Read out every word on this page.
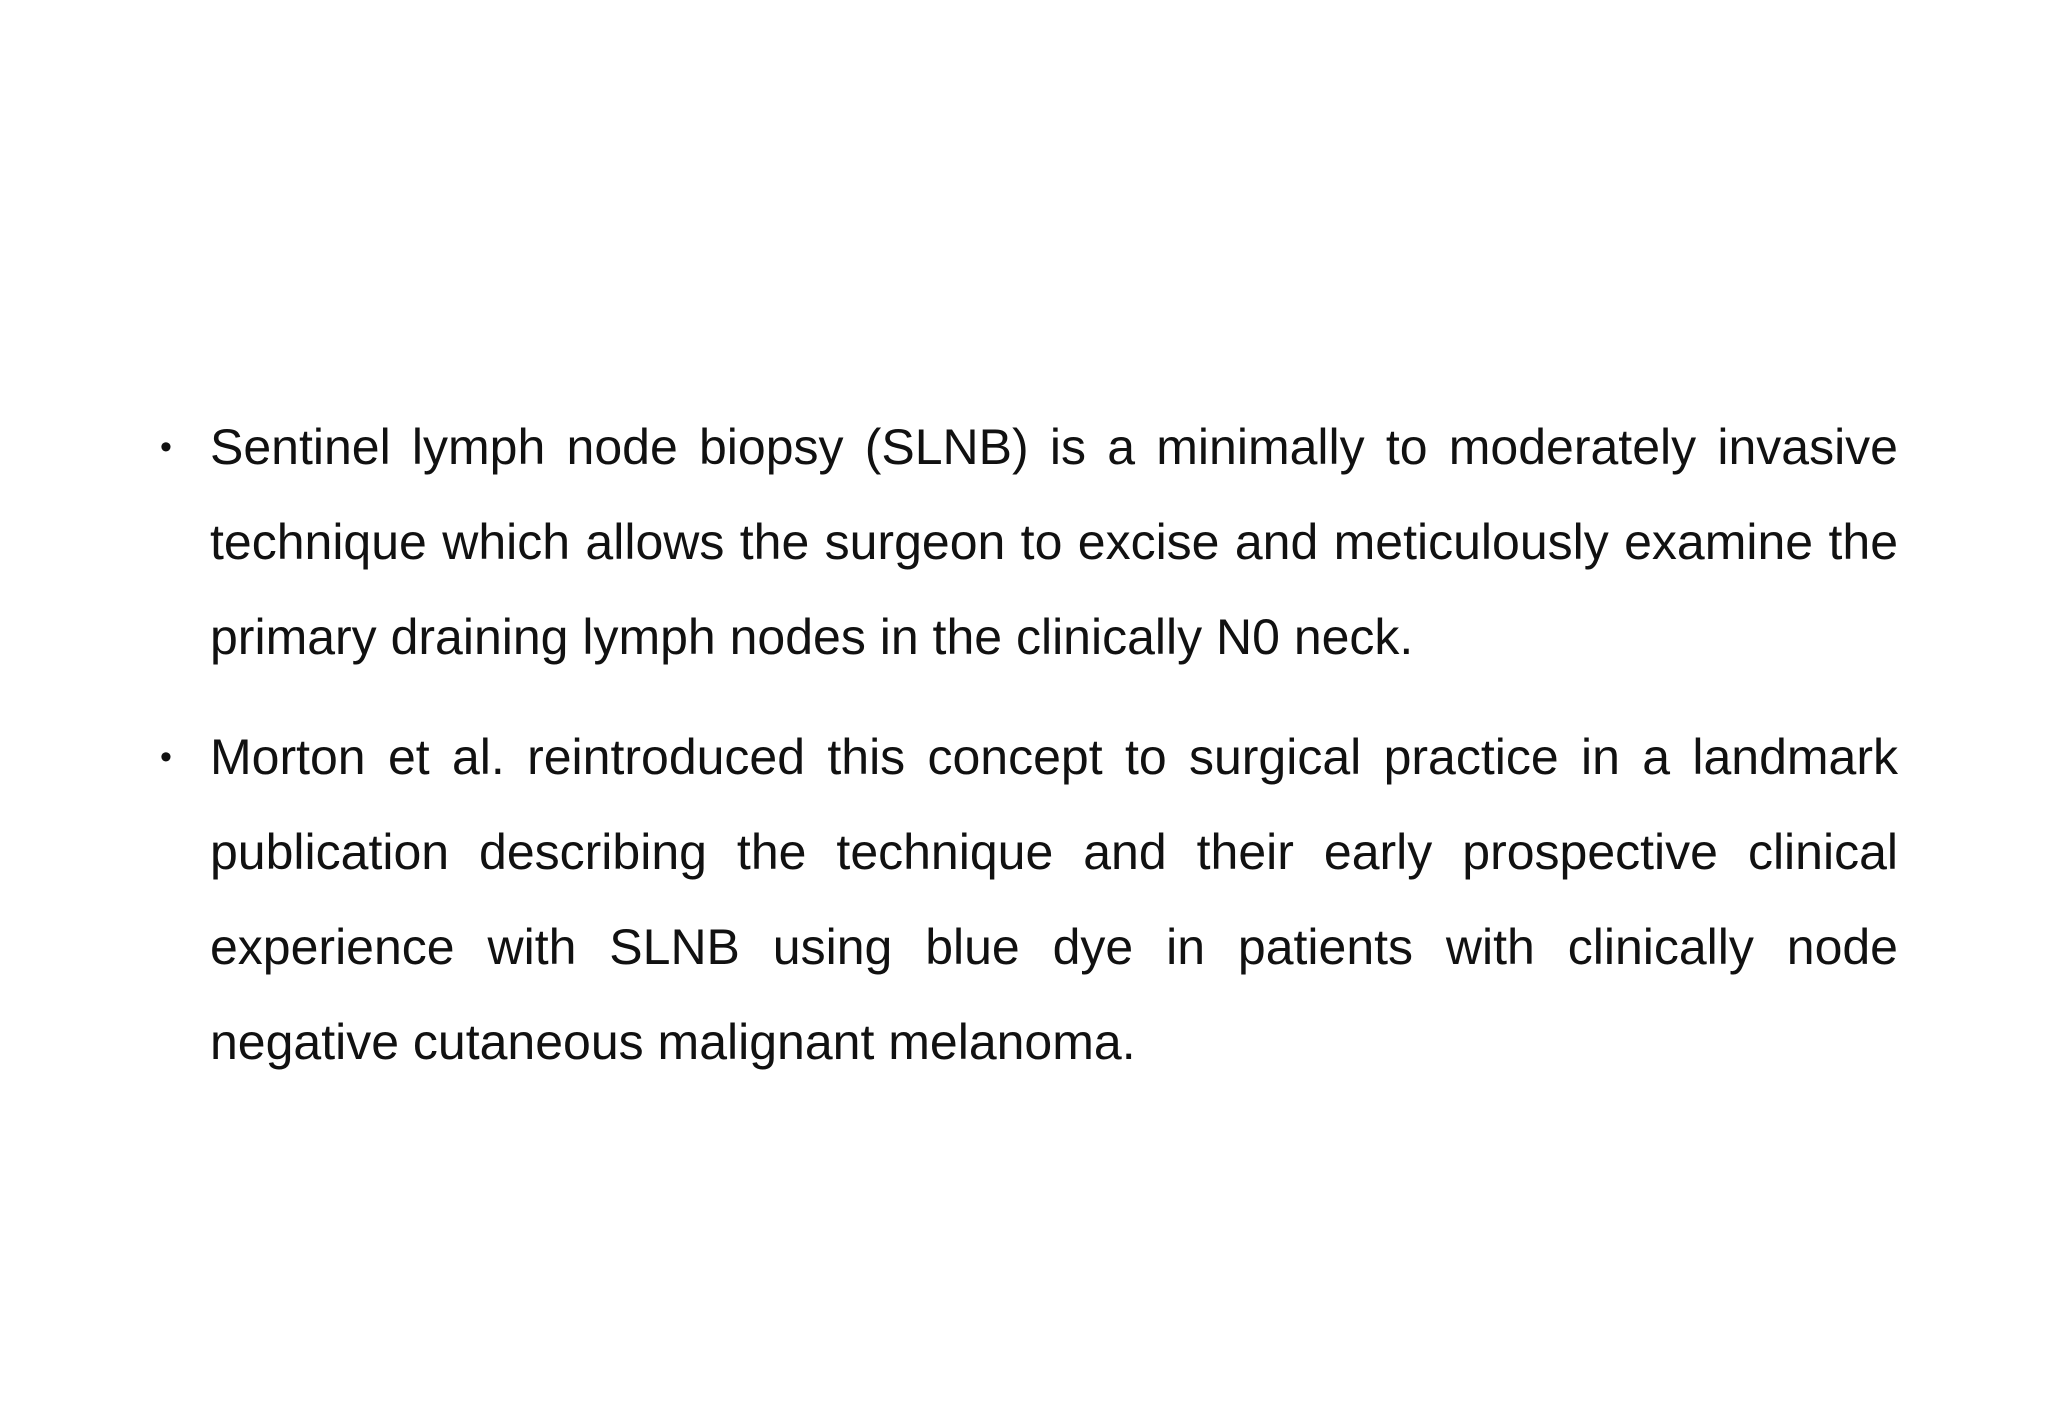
• Sentinel lymph node biopsy (SLNB) is a minimally to moderately invasive technique which allows the surgeon to excise and meticulously examine the primary draining lymph nodes in the clinically N0 neck.
• Morton et al. reintroduced this concept to surgical practice in a landmark publication describing the technique and their early prospective clinical experience with SLNB using blue dye in patients with clinically node negative cutaneous malignant melanoma.
